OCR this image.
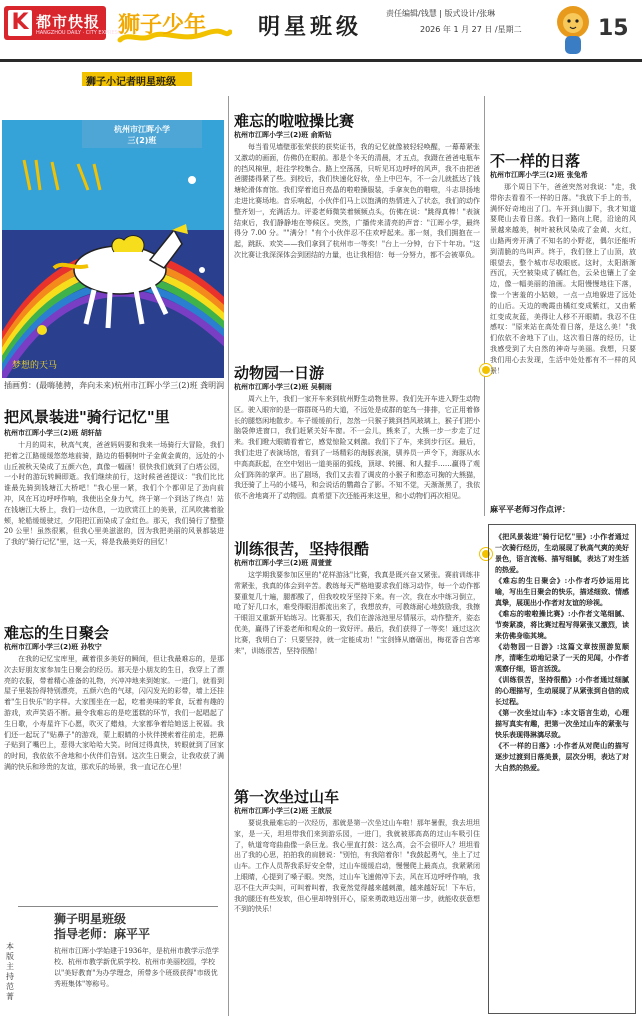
K 都市快报
HANGZHOU DAILY · CITY EXPRESS
狮子少年 明星班级
责任编辑/钱慧 | 版式设计/张琳
2026 年 1 月 27 日 /星期二	15
狮子小记者明星班级
杭州市江晖小学
三(2)班
梦想的天马
插画剪：(最嗨驰骋，奔向未来)杭州市江晖小学三(2)班 龚明润
难忘的啦啦操比赛
杭州市江晖小学三(2)班 俞斯钻
每当看见墙壁那张荣获的获奖证书，我的记忆就像被轻轻唤醒，一幕幕紧张又激动的画面，仿佛仍在眼前。那是个冬天的清晨，才五点，我蹑在爸爸电瓶车的挡风棉里，赶往学校集合。路上空荡荡，只听见耳边呼呼的风声，我不由把爸爸腰搂得紧了些。到校后，我们快速化好妆，坐上中巴车，不一会儿就抵达了钱塘轮滑体育馆。我们穿着追日亮晶的啦啦操服装，手拿灰色的啪啦，斗志昂扬地走进比赛场地。音乐响起，小伙伴们马上以饱满的热情进入了状态，我们的动作整齐划一，充满活力。评委老师微笑着频频点头，仿佛在说："跳得真棒！"表演结束后，我们静静地在等候区。突然，广播传来清亮的声音："江晖小学，最终得分 7.00 分。""满分！"有个小伙伴忍不住欢呼起来。那一刻，我们拥抱在一起，跳跃、欢笑——我们拿到了杭州市一等奖！"台上一分钟，台下十年功。"这次比赛让我深深体会到团结的力量，也让我相信：每一分努力，都不会被辜负。
动物园一日游
杭州市江晖小学三(2)班 吴桐雨
周六上午，我们一家开车来到杭州野生动物世界。我们先开车进入野生动物区。驶入眼帘的是一群群斑马的大道，不远处是成群的鸵鸟一排排，它正用着修长的腿悠闲地散步。车子缓缓前行，忽然一只猴子跳到挡风玻璃上，猴子们把小脑袋伸进窗口，我们赶紧关好车窗。不一会儿，熊来了，大熊一步一步走了过来。我们瞪大眼睛看着它，感觉惊险又刺激。我们下了车，来到步行区。最后，我们走进了表演场馆，看到了一场精彩的海豚表演，驯养员一声令下，海豚从水中高高跃起，在空中划出一道美丽的弧线，顶球、转圈、和人握手……赢得了观众们阵阵的掌声。出了剧场，我们又去看了调皮的小猴子和憨态可掬的大熊猫，我还骑了上马的小矮马，和会说话的鹦鹉合了影。不知不觉，天渐渐黑了，我依依不舍地离开了动物园。真希望下次还能再来这里，和小动物们再次相见。
训练很苦，坚持很酷
杭州市江晖小学三(2)班 周萱萱
这学期我要参加区里的"花样游泳"比赛，我真是既兴奋又紧张。赛前训练非常紧张，我真的体会到辛苦。教练每天严格地要求我们练习动作，每一个动作都要重复几十遍，腿都酸了，但我咬咬牙坚持下来。有一次，我在水中练习倒立，呛了好几口水，难受得眼泪都流出来了，我想放弃，可教练耐心地鼓励我，我擦干眼泪又重新开始练习。比赛那天，我们在游泳池里尽情展示，动作整齐，姿态优美，赢得了评委老师和观众的一致好评。最后，我们获得了一等奖！通过这次比赛，我明白了：只要坚持，就一定能成功！"宝剑锋从磨砺出，梅花香自苦寒来"，训练很苦，坚持很酷！
第一次坐过山车
杭州市江晖小学三(2)班 王歆辰
要说我最难忘的一次经历，那就是第一次坐过山车啦！那年暑假，我去坦坦家，是一天，坦坦带我们来到游乐园，一进门，我就被那高高的过山车吸引住了，轨道弯弯曲曲像一条巨龙。我心里直打鼓：这么高，会不会很吓人？坦坦看出了我的心思，拍拍我的肩膀说："别怕，有我陪着你！"我鼓起勇气，坐上了过山车。工作人员帮我系好安全带，过山车缓缓启动，慢慢爬上最高点，我紧紧闭上眼睛，心提到了嗓子眼。突然，过山车飞速俯冲下去，风在耳边呼呼作响，我忍不住大声尖叫，可叫着叫着，我竟然觉得越来越刺激，越来越好玩！下车后，我的腿还有些发软，但心里却特别开心，原来勇敢地迈出第一步，就能收获意想不到的快乐！
把风景装进"骑行记忆"里
杭州市江晖小学三(2)班 胡轩喆
十月的周末，秋高气爽，爸爸妈妈要和我来一场骑行大冒险，我们把着之江路缓缓悠悠地前骑，路边的梧桐树叶子金黄金黄的，远处的小山丘被秋天染成了五颜六色，真像一幅画！很快我们就到了白塔公园，一小时的游玩转瞬即逝。我们继续前行，这时候爸爸提议："我们比比谁最先骑到钱塘江大桥吧！"我心里一紧，我们个个都卯足了劲向前冲，风在耳边呼呼作响，我使出全身力气，终于第一个到达了终点！站在钱塘江大桥上，我们一边休息，一边欣赏江上的美景，江风吹拂着脸颊，轮船缓缓驶过，夕阳把江面染成了金红色。那天，我们骑行了整整 20 公里！虽然很累，但我心里美滋滋的，因为我把美丽的风景都装进了我的"骑行记忆"里，这一天，将是我最美好的回忆！
难忘的生日聚会
杭州市江晖小学三(2)班 孙牧宁
在我的记忆宝库里，藏着很多美好的瞬间，但让我最难忘的，是那次去好朋友家参加生日聚会的经历。那天是小朋友的生日，我穿上了漂亮的衣服，带着精心准备的礼物，兴冲冲地来到她家。一进门，就看到屋子里装扮得特别漂亮，五颜六色的气球，闪闪发光的彩带，墙上还挂着"生日快乐"的字样。大家围坐在一起，吃着美味的零食，玩着有趣的游戏，欢声笑语不断。最令我难忘的是吃蛋糕的环节，我们一起唱起了生日歌，小寿星许下心愿，吹灭了蜡烛，大家都争着给她送上祝福。我们还一起玩了"贴鼻子"的游戏，蒙上眼睛的小伙伴摸索着往前走，把鼻子贴到了嘴巴上，惹得大家哈哈大笑。时间过得真快，转眼就到了回家的时间，我依依不舍地和小伙伴们告别。这次生日聚会，让我收获了满满的快乐和珍贵的友谊，那欢乐的场景，我一直记在心里！
不一样的日落
杭州市江晖小学三(2)班 张兔希
那个周日下午，爸爸突然对我说："走，我带你去看看不一样的日落。"我放下手上的书，满怀好奇地出了门。车开到山脚下，我才知道要爬山去看日落。我们一路向上爬，沿途的风景越来越美，树叶被秋风染成了金黄、火红，山路两旁开满了不知名的小野花，偶尔还能听到清脆的鸟叫声。终于，我们登上了山顶，放眼望去，整个城市尽收眼底。这时，太阳渐渐西沉，天空被染成了橘红色，云朵也镶上了金边，像一幅美丽的油画。太阳慢慢地往下落，像一个害羞的小姑娘，一点一点地躲进了远处的山后。天边的晚霞由橘红变成紫红，又由紫红变成灰蓝，美得让人移不开眼睛。我忍不住感叹："原来站在高处看日落，是这么美！"我们依依不舍地下了山，这次看日落的经历，让我感受到了大自然的神奇与美丽。我想，只要我们用心去发现，生活中处处都有不一样的风景！
麻平平老师习作点评：

《把风景装进"骑行记忆"里》:小作者通过一次骑行经历，生动展现了秋高气爽的美好景色，语言流畅、描写细腻，表达了对生活的热爱。

《难忘的生日聚会》:小作者巧妙运用比喻，写出生日聚会的快乐，描述细致、情感真挚，展现出小作者对友谊的珍视。

《难忘的啦啦操比赛》:小作者文笔细腻、节奏紧凑，将比赛过程写得紧张又激烈，读来仿佛身临其境。

《动物园一日游》:这篇文章按照游览顺序，清晰生动地记录了一天的见闻，小作者观察仔细，语言活泼。

《训练很苦，坚持很酷》:小作者通过细腻的心理描写，生动展现了从紧张到自信的成长过程。

《第一次坐过山车》:本文语言生动，心理描写真实有趣，把第一次坐过山车的紧张与快乐表现得淋漓尽致。

《不一样的日落》:小作者从对爬山的描写逐步过渡到日落美景，层次分明，表达了对大自然的热爱。

狮子明星班级
指导老师：麻平平
杭州市江晖小学始建于1936年，是杭州市教学示范学校、杭州市教学新优质学校、杭州市美丽校园，学校以"美好教育"为办学理念，所带多个班级获得"市级优秀班集体"等称号。
本版主持 范菁
